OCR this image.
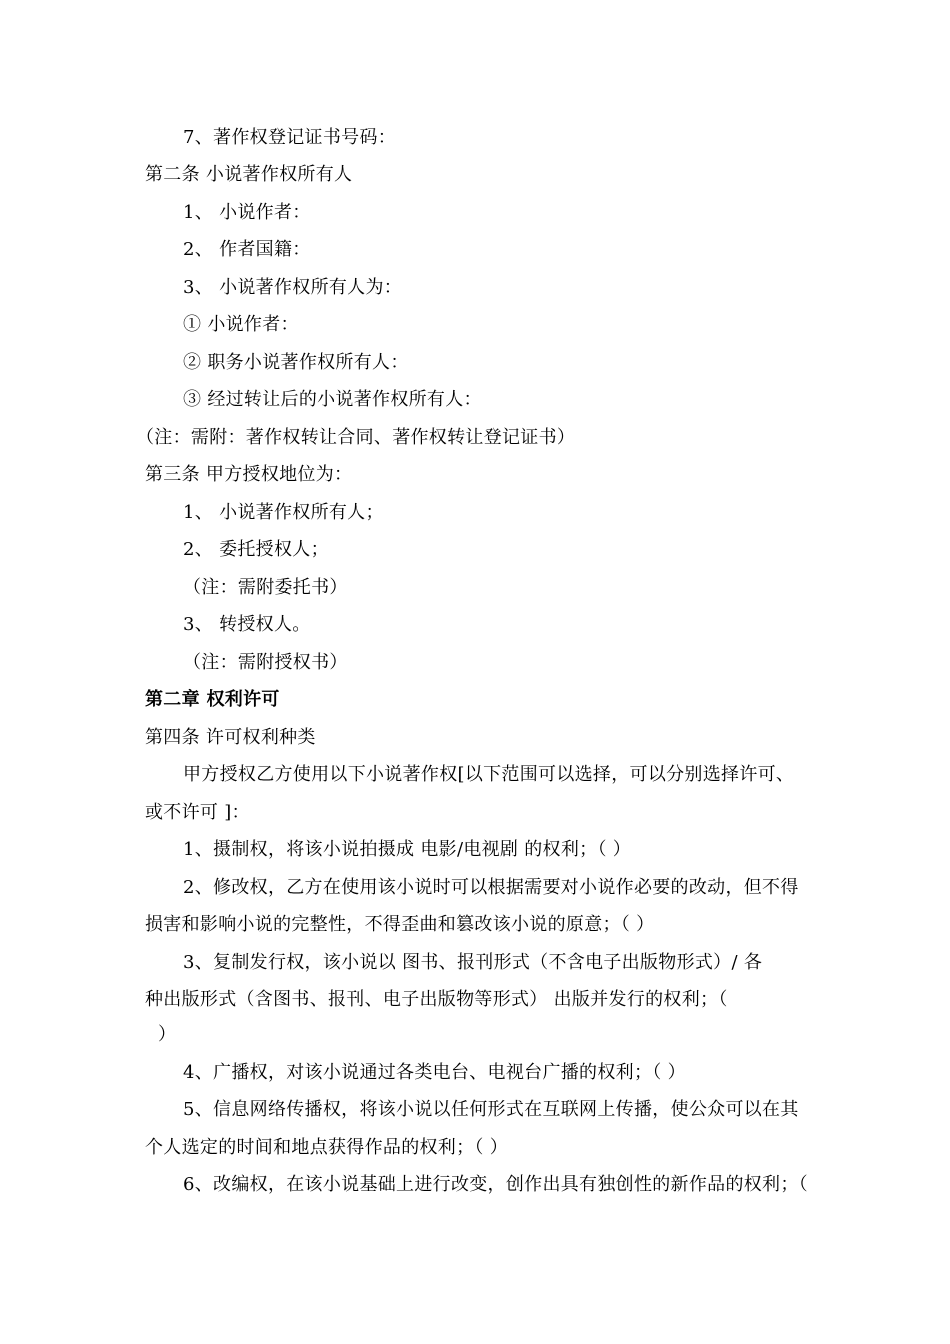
7、著作权登记证书号码：
第二条 小说著作权所有人
1、 小说作者：
2、 作者国籍：
3、 小说著作权所有人为：
① 小说作者：
② 职务小说著作权所有人：
③ 经过转让后的小说著作权所有人：
（注：需附：著作权转让合同、著作权转让登记证书）
第三条 甲方授权地位为：
1、 小说著作权所有人；
2、 委托授权人；
（注：需附委托书）
3、 转授权人。
（注：需附授权书）
第二章 权利许可
第四条 许可权利种类
甲方授权乙方使用以下小说著作权[以下范围可以选择，可以分别选择许可、
或不许可 ]：
1、摄制权，将该小说拍摄成 电影/电视剧 的权利；（ ）
2、修改权，乙方在使用该小说时可以根据需要对小说作必要的改动，但不得
损害和影响小说的完整性，不得歪曲和篡改该小说的原意；（ ）
3、复制发行权，该小说以 图书、报刊形式（不含电子出版物形式）/ 各
种出版形式（含图书、报刊、电子出版物等形式） 出版并发行的权利；（
）
4、广播权，对该小说通过各类电台、电视台广播的权利；（ ）
5、信息网络传播权，将该小说以任何形式在互联网上传播，使公众可以在其
个人选定的时间和地点获得作品的权利；（ ）
6、改编权，在该小说基础上进行改变，创作出具有独创性的新作品的权利；（
